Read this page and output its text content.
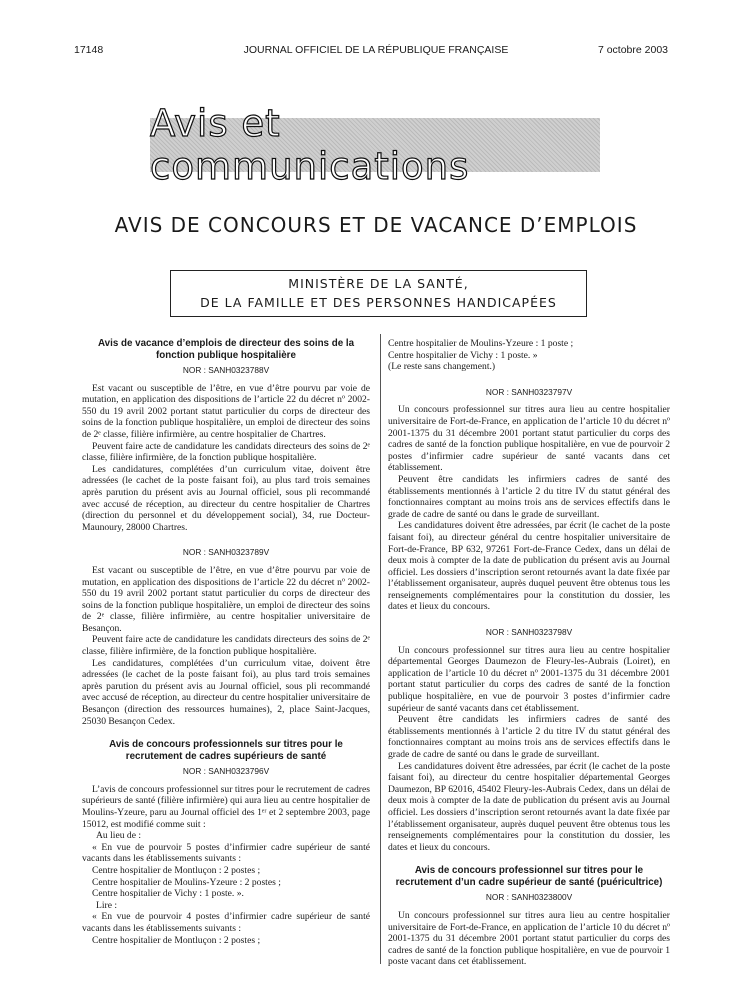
17148	JOURNAL OFFICIEL DE LA RÉPUBLIQUE FRANÇAISE	7 octobre 2003
Avis et communications
AVIS DE CONCOURS ET DE VACANCE D’EMPLOIS
MINISTÈRE DE LA SANTÉ,
DE LA FAMILLE ET DES PERSONNES HANDICAPÉES
Avis de vacance d’emplois de directeur des soins de la fonction publique hospitalière
NOR : SANH0323788V

Est vacant ou susceptible de l’être, en vue d’être pourvu par voie de mutation, en application des dispositions de l’article 22 du décret nº 2002-550 du 19 avril 2002 portant statut particulier du corps de directeur des soins de la fonction publique hospitalière, un emploi de directeur des soins de 2ᵉ classe, filière infirmière, au centre hospitalier de Chartres.

Peuvent faire acte de candidature les candidats directeurs des soins de 2ᵉ classe, filière infirmière, de la fonction publique hospitalière.

Les candidatures, complétées d’un curriculum vitae, doivent être adressées (le cachet de la poste faisant foi), au plus tard trois semaines après parution du présent avis au Journal officiel, sous pli recommandé avec accusé de réception, au directeur du centre hospitalier de Chartres (direction du personnel et du développement social), 34, rue Docteur-Maunoury, 28000 Chartres.

NOR : SANH0323789V

Est vacant ou susceptible de l’être, en vue d’être pourvu par voie de mutation, en application des dispositions de l’article 22 du décret nº 2002-550 du 19 avril 2002 portant statut particulier du corps de directeur des soins de la fonction publique hospitalière, un emploi de directeur des soins de 2ᵉ classe, filière infirmière, au centre hospitalier universitaire de Besançon.

Peuvent faire acte de candidature les candidats directeurs des soins de 2ᵉ classe, filière infirmière, de la fonction publique hospitalière.

Les candidatures, complétées d’un curriculum vitae, doivent être adressées (le cachet de la poste faisant foi), au plus tard trois semaines après parution du présent avis au Journal officiel, sous pli recommandé avec accusé de réception, au directeur du centre hospitalier universitaire de Besançon (direction des ressources humaines), 2, place Saint-Jacques, 25030 Besançon Cedex.

Avis de concours professionnels sur titres pour le recrutement de cadres supérieurs de santé
NOR : SANH0323796V

L’avis de concours professionnel sur titres pour le recrutement de cadres supérieurs de santé (filière infirmière) qui aura lieu au centre hospitalier de Moulins-Yzeure, paru au Journal officiel des 1ᵉʳ et 2 septembre 2003, page 15012, est modifié comme suit :

Au lieu de :

« En vue de pourvoir 5 postes d’infirmier cadre supérieur de santé vacants dans les établissements suivants :

Centre hospitalier de Montluçon : 2 postes ;

Centre hospitalier de Moulins-Yzeure : 2 postes ;

Centre hospitalier de Vichy : 1 poste. ».

Lire :

« En vue de pourvoir 4 postes d’infirmier cadre supérieur de santé vacants dans les établissements suivants :

Centre hospitalier de Montluçon : 2 postes ;

Centre hospitalier de Moulins-Yzeure : 1 poste ;

Centre hospitalier de Vichy : 1 poste. »

(Le reste sans changement.)

NOR : SANH0323797V

Un concours professionnel sur titres aura lieu au centre hospitalier universitaire de Fort-de-France, en application de l’article 10 du décret nº 2001-1375 du 31 décembre 2001 portant statut particulier du corps des cadres de santé de la fonction publique hospitalière, en vue de pourvoir 2 postes d’infirmier cadre supérieur de santé vacants dans cet établissement.

Peuvent être candidats les infirmiers cadres de santé des établissements mentionnés à l’article 2 du titre IV du statut général des fonctionnaires comptant au moins trois ans de services effectifs dans le grade de cadre de santé ou dans le grade de surveillant.

Les candidatures doivent être adressées, par écrit (le cachet de la poste faisant foi), au directeur général du centre hospitalier universitaire de Fort-de-France, BP 632, 97261 Fort-de-France Cedex, dans un délai de deux mois à compter de la date de publication du présent avis au Journal officiel. Les dossiers d’inscription seront retournés avant la date fixée par l’établissement organisateur, auprès duquel peuvent être obtenus tous les renseignements complémentaires pour la constitution du dossier, les dates et lieux du concours.

NOR : SANH0323798V

Un concours professionnel sur titres aura lieu au centre hospitalier départemental Georges Daumezon de Fleury-les-Aubrais (Loiret), en application de l’article 10 du décret nº 2001-1375 du 31 décembre 2001 portant statut particulier du corps des cadres de santé de la fonction publique hospitalière, en vue de pourvoir 3 postes d’infirmier cadre supérieur de santé vacants dans cet établissement.

Peuvent être candidats les infirmiers cadres de santé des établissements mentionnés à l’article 2 du titre IV du statut général des fonctionnaires comptant au moins trois ans de services effectifs dans le grade de cadre de santé ou dans le grade de surveillant.

Les candidatures doivent être adressées, par écrit (le cachet de la poste faisant foi), au directeur du centre hospitalier départemental Georges Daumezon, BP 62016, 45402 Fleury-les-Aubrais Cedex, dans un délai de deux mois à compter de la date de publication du présent avis au Journal officiel. Les dossiers d’inscription seront retournés avant la date fixée par l’établissement organisateur, auprès duquel peuvent être obtenus tous les renseignements complémentaires pour la constitution du dossier, les dates et lieux du concours.

Avis de concours professionnel sur titres pour le recrutement d’un cadre supérieur de santé (puéricultrice)
NOR : SANH0323800V

Un concours professionnel sur titres aura lieu au centre hospitalier universitaire de Fort-de-France, en application de l’article 10 du décret nº 2001-1375 du 31 décembre 2001 portant statut particulier du corps des cadres de santé de la fonction publique hospitalière, en vue de pourvoir 1 poste vacant dans cet établissement.
